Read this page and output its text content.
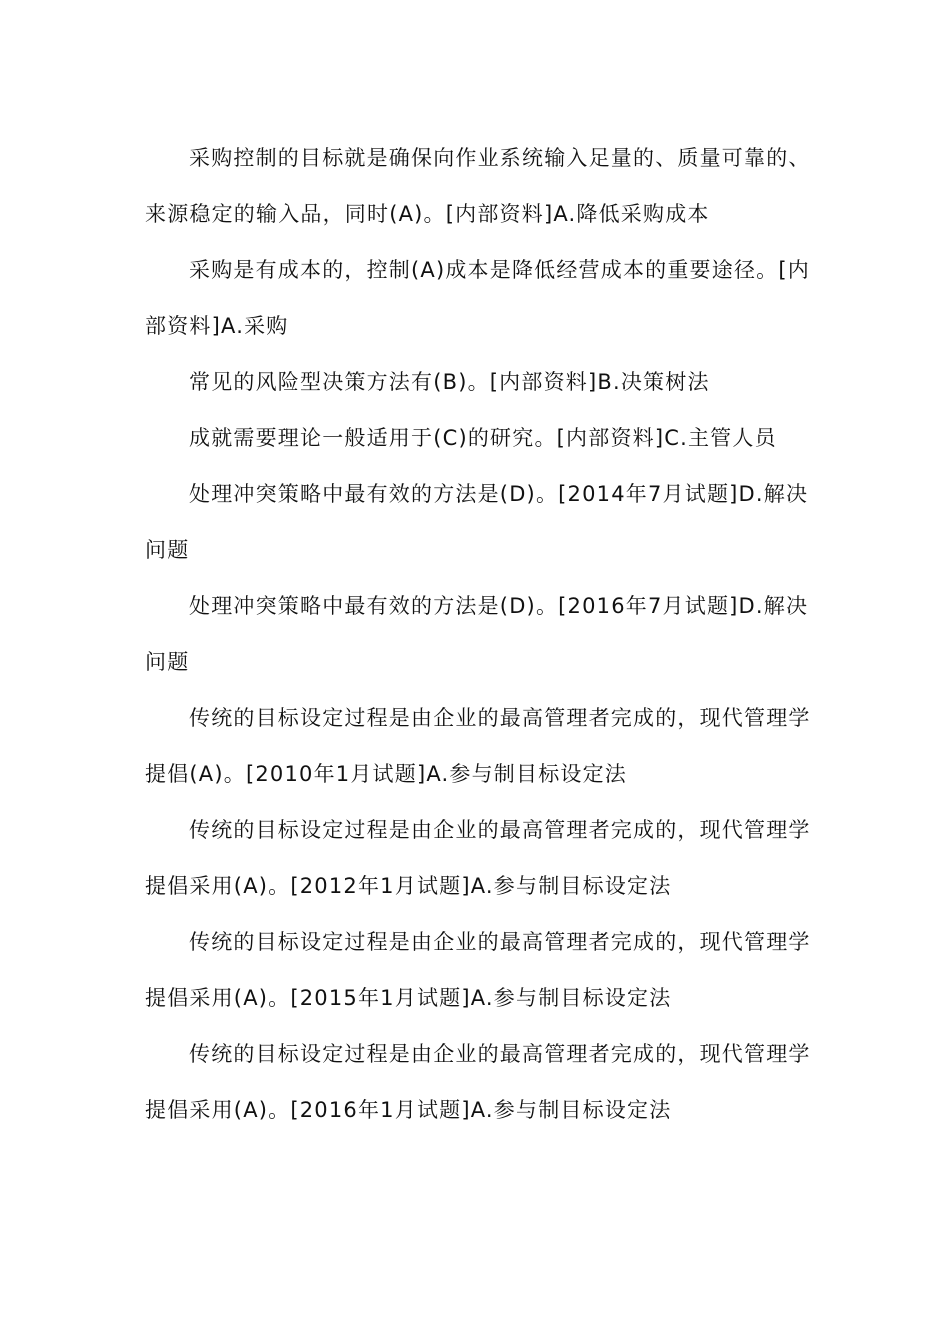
采购控制的目标就是确保向作业系统输入足量的、质量可靠的、来源稳定的输入品，同时(A)。[内部资料]A.降低采购成本

采购是有成本的，控制(A)成本是降低经营成本的重要途径。[内部资料]A.采购

常见的风险型决策方法有(B)。[内部资料]B.决策树法

成就需要理论一般适用于(C)的研究。[内部资料]C.主管人员

处理冲突策略中最有效的方法是(D)。[2014年7月试题]D.解决问题

处理冲突策略中最有效的方法是(D)。[2016年7月试题]D.解决问题

传统的目标设定过程是由企业的最高管理者完成的，现代管理学提倡(A)。[2010年1月试题]A.参与制目标设定法

传统的目标设定过程是由企业的最高管理者完成的，现代管理学提倡采用(A)。[2012年1月试题]A.参与制目标设定法

传统的目标设定过程是由企业的最高管理者完成的，现代管理学提倡采用(A)。[2015年1月试题]A.参与制目标设定法

传统的目标设定过程是由企业的最高管理者完成的，现代管理学提倡采用(A)。[2016年1月试题]A.参与制目标设定法
